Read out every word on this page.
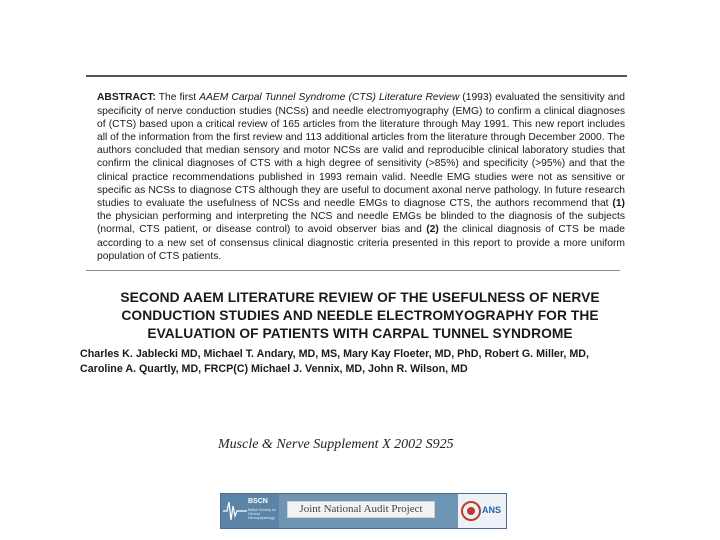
ABSTRACT: The first AAEM Carpal Tunnel Syndrome (CTS) Literature Review (1993) evaluated the sensitivity and specificity of nerve conduction studies (NCSs) and needle electromyography (EMG) to confirm a clinical diagnoses of (CTS) based upon a critical review of 165 articles from the literature through May 1991. This new report includes all of the information from the first review and 113 additional articles from the literature through December 2000. The authors concluded that median sensory and motor NCSs are valid and reproducible clinical laboratory studies that confirm the clinical diagnoses of CTS with a high degree of sensitivity (>85%) and specificity (>95%) and that the clinical practice recommendations published in 1993 remain valid. Needle EMG studies were not as sensitive or specific as NCSs to diagnose CTS although they are useful to document axonal nerve pathology. In future research studies to evaluate the usefulness of NCSs and needle EMGs to diagnose CTS, the authors recommend that (1) the physician performing and interpreting the NCS and needle EMGs be blinded to the diagnosis of the subjects (normal, CTS patient, or disease control) to avoid observer bias and (2) the clinical diagnosis of CTS be made according to a new set of consensus clinical diagnostic criteria presented in this report to provide a more uniform population of CTS patients.

SECOND AAEM LITERATURE REVIEW OF THE USEFULNESS OF NERVE CONDUCTION STUDIES AND NEEDLE ELECTROMYOGRAPHY FOR THE EVALUATION OF PATIENTS WITH CARPAL TUNNEL SYNDROME
Charles K. Jablecki MD, Michael T. Andary, MD, MS, Mary Kay Floeter, MD, PhD, Robert G. Miller, MD,
Caroline A. Quartly, MD, FRCP(C) Michael J. Vennix, MD, John R. Wilson, MD
Muscle & Nerve Supplement X 2002 S925
BSCN
British Society for Clinical Neurophysiology
Joint National Audit Project	ANS
